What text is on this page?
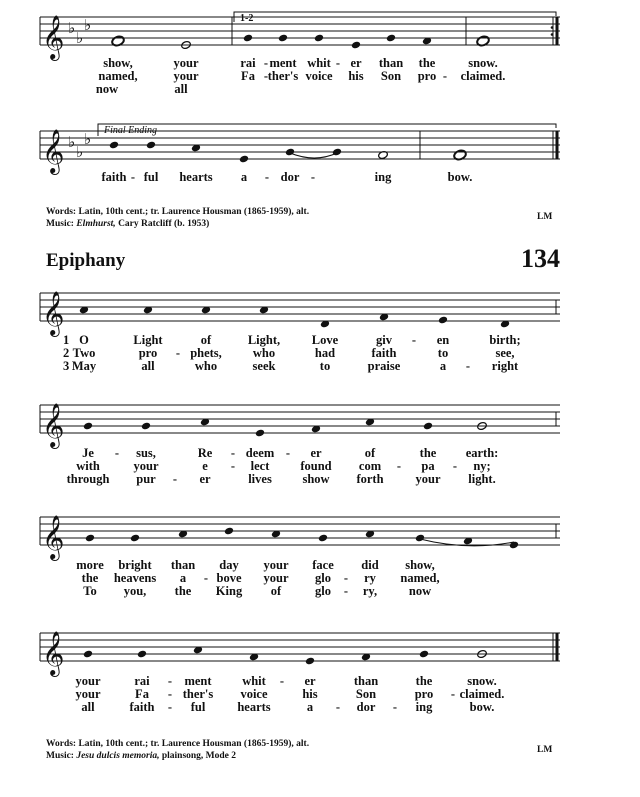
𝄞
𝄞
𝄞
𝄞
𝄞
𝄞
♭
♭
♭
♭
♭
♭
1-2
Final Ending
show,	your	rai - ment whit - er than the	snow.
named,	your	Fa - ther's voice his Son pro - claimed.
now	all
faith - ful hearts a - dor -	ing	bow.
Words: Latin, 10th cent.; tr. Laurence Housman (1865-1959), alt.
Music: Elmhurst, Cary Ratcliff (b. 1953)
LM
Epiphany	134
1
2
3
O	Light	of	Light,	Love	giv - en	birth;
Two	pro - phets, who	had	faith	to	see,
May	all	who	seek	to	praise	a - right
Je - sus,	Re - deem - er	of	the earth:
with	your	e - lect found com - pa - ny;
through pur - er	lives show forth	your light.
more bright than day your face did show,
the heavens a - bove your glo - ry named,
To you, the King of	glo - ry,	now
your	rai - ment whit - er	than	the	snow.
your	Fa - ther's voice	his	Son	pro - claimed.
all	faith - ful	hearts	a - dor - ing	bow.
Words: Latin, 10th cent.; tr. Laurence Housman (1865-1959), alt.
Music: Jesu dulcis memoria, plainsong, Mode 2
LM
